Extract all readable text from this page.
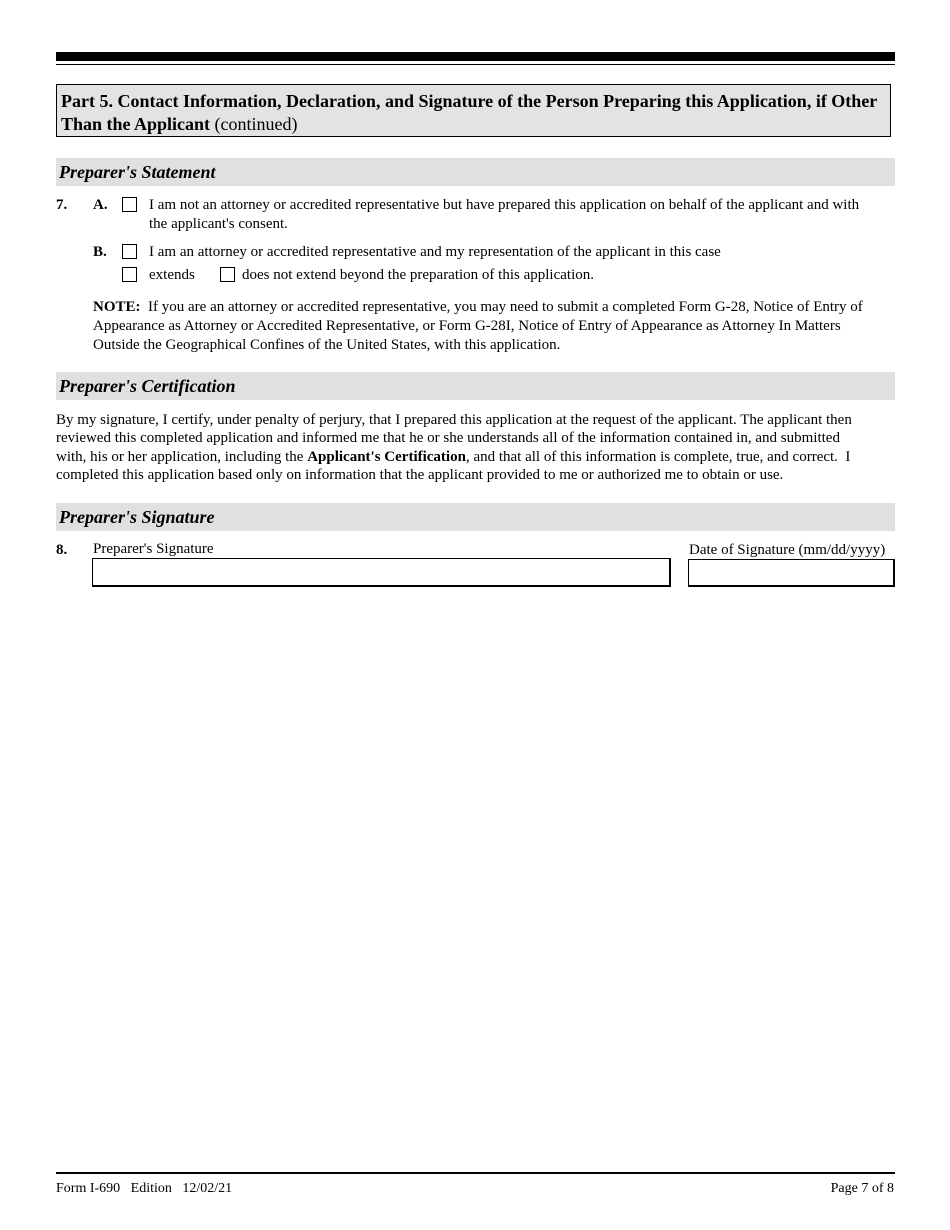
Part 5. Contact Information, Declaration, and Signature of the Person Preparing this Application, if Other
Than the Applicant (continued)
Preparer's Statement
7. A.	I am not an attorney or accredited representative but have prepared this application on behalf of the applicant and with
the applicant's consent.
B.	I am an attorney or accredited representative and my representation of the applicant in this case
extends	does not extend beyond the preparation of this application.
NOTE:  If you are an attorney or accredited representative, you may need to submit a completed Form G-28, Notice of Entry of
Appearance as Attorney or Accredited Representative, or Form G-28I, Notice of Entry of Appearance as Attorney In Matters
Outside the Geographical Confines of the United States, with this application.
Preparer's Certification
By my signature, I certify, under penalty of perjury, that I prepared this application at the request of the applicant. The applicant then
reviewed this completed application and informed me that he or she understands all of the information contained in, and submitted
with, his or her application, including the Applicant's Certification, and that all of this information is complete, true, and correct.  I
completed this application based only on information that the applicant provided to me or authorized me to obtain or use.
Preparer's Signature
8. Preparer's Signature	Date of Signature (mm/dd/yyyy)
Form I-690   Edition   12/02/21	Page 7 of 8
